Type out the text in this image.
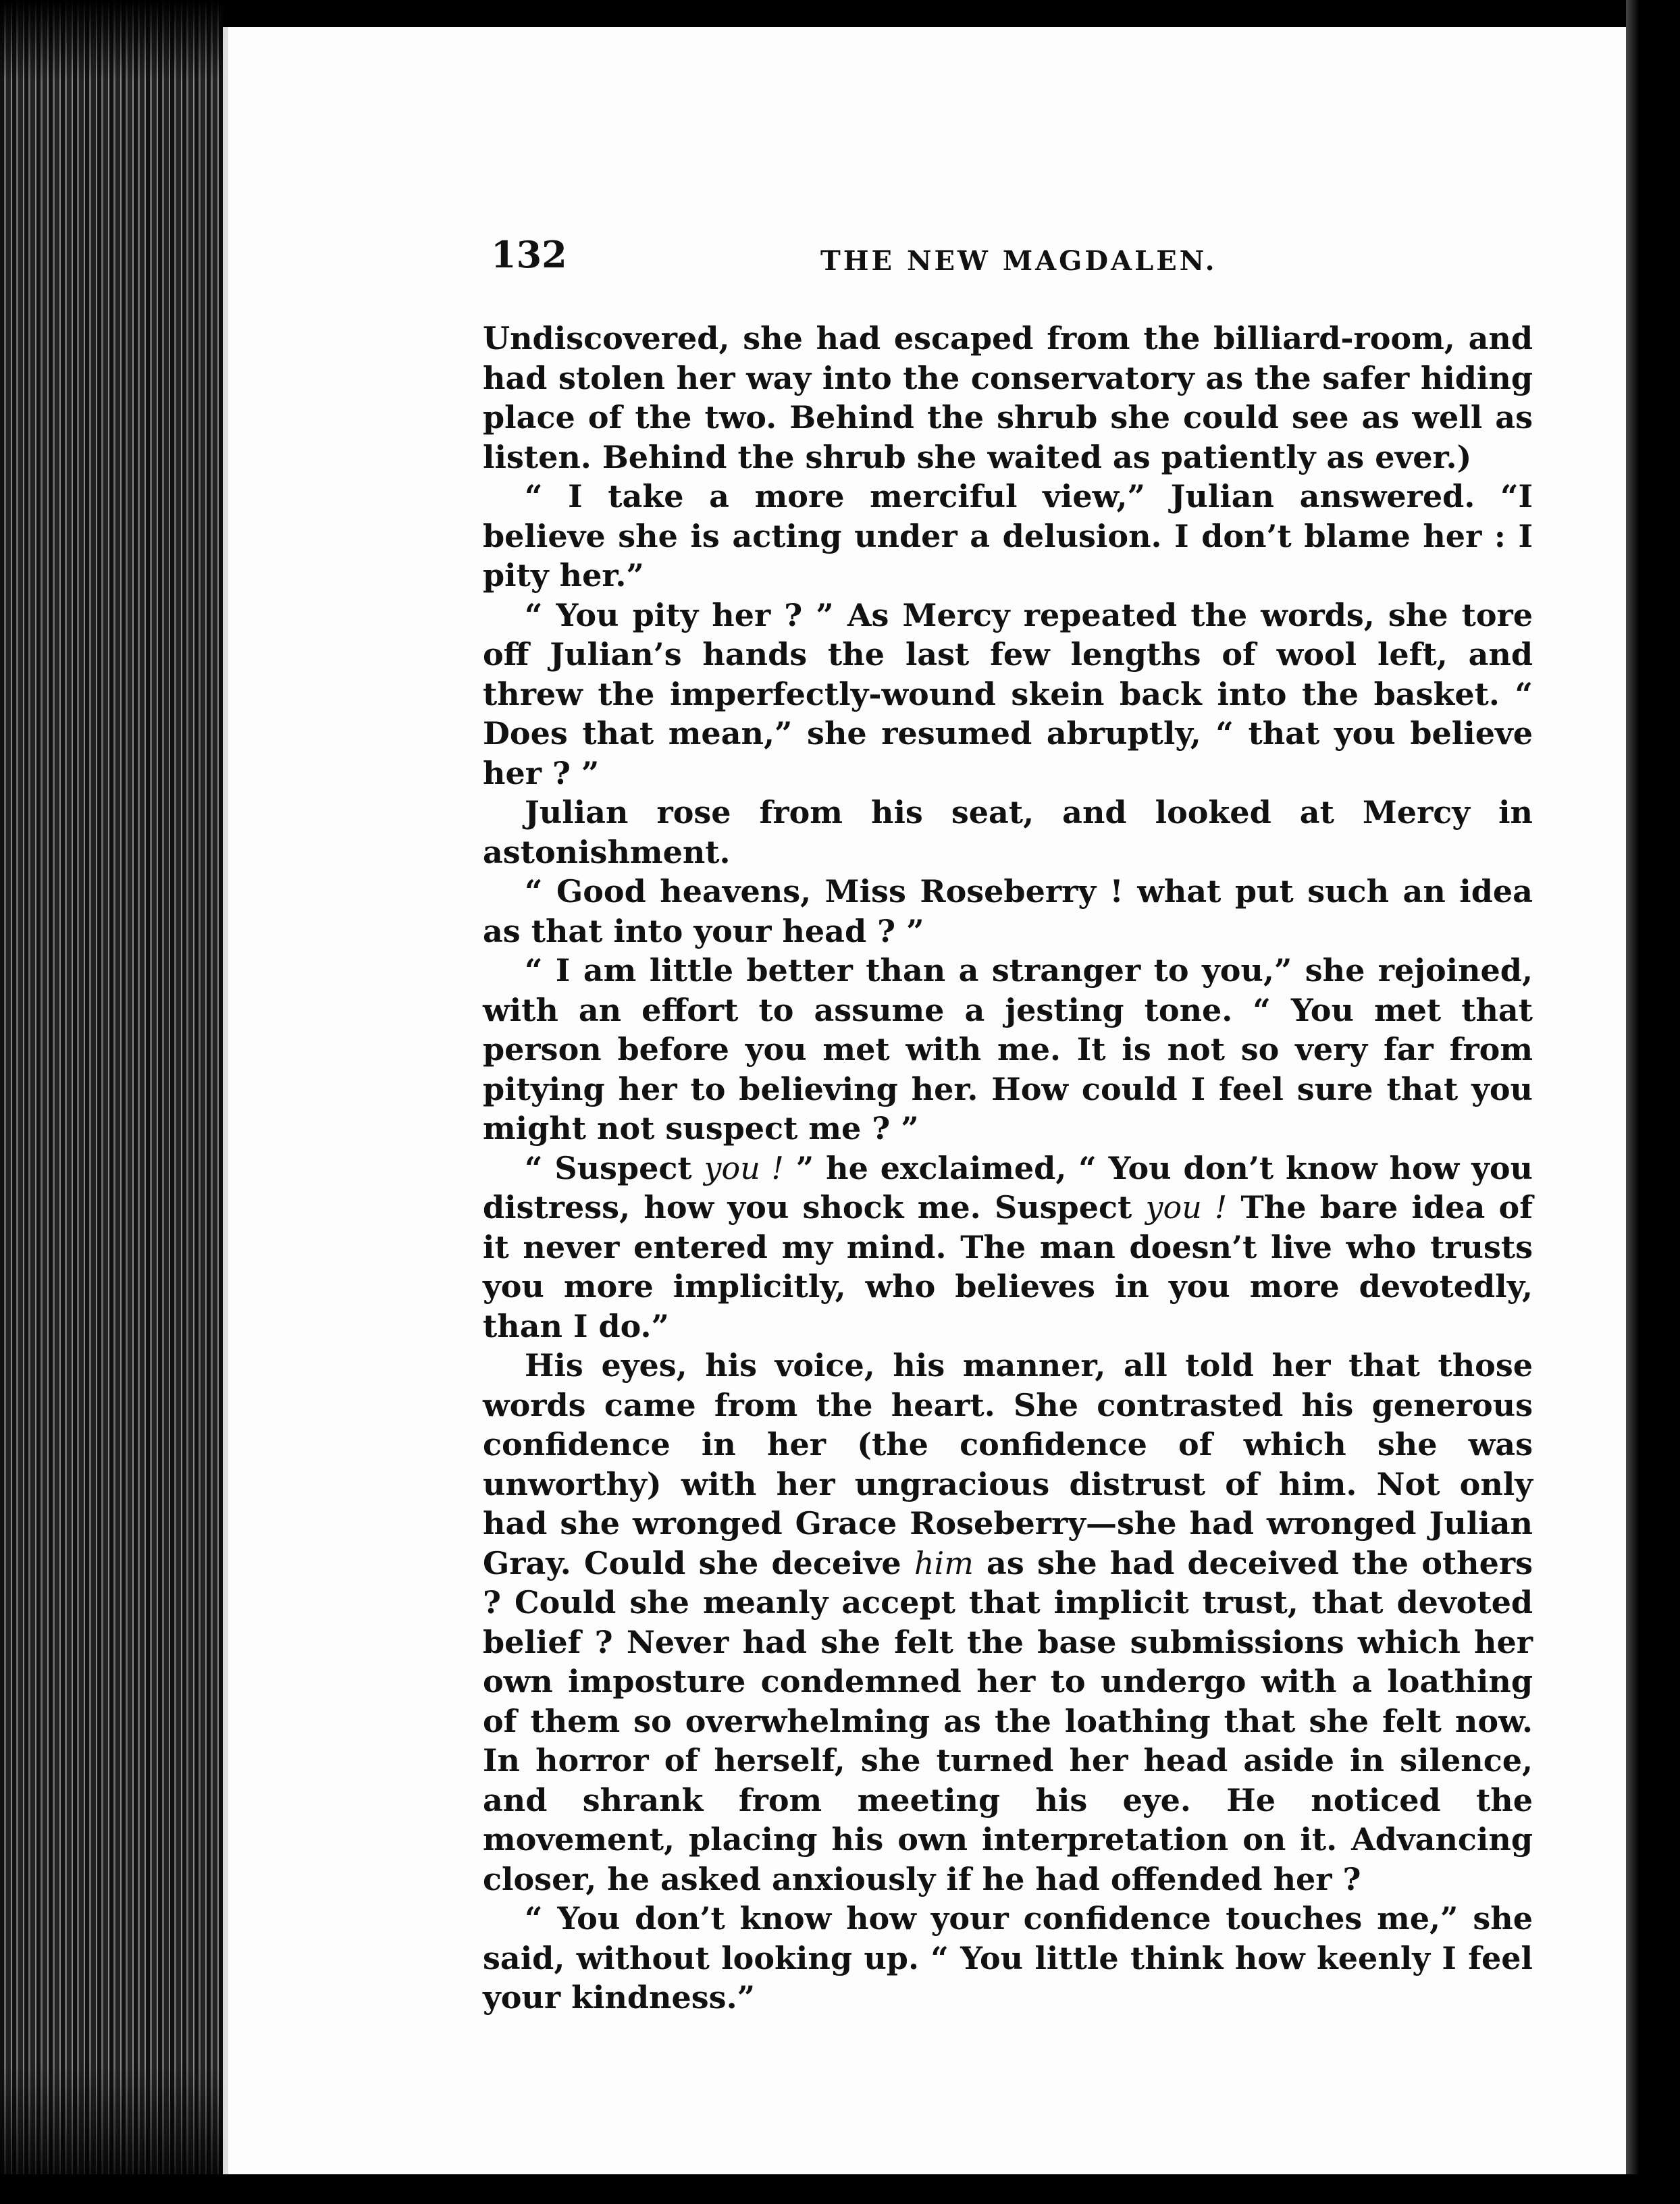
132	THE NEW MAGDALEN.

Undiscovered, she had escaped from the billiard-room, and had stolen her way into the conservatory as the safer hiding place of the two. Behind the shrub she could see as well as listen. Behind the shrub she waited as patiently as ever.)

“ I take a more merciful view,” Julian answered. “I believe she is acting under a delusion. I don’t blame her : I pity her.”

“ You pity her ? ” As Mercy repeated the words, she tore off Julian’s hands the last few lengths of wool left, and threw the imperfectly-wound skein back into the basket. “ Does that mean,” she resumed abruptly, “ that you believe her ? ”

Julian rose from his seat, and looked at Mercy in astonishment.

“ Good heavens, Miss Roseberry ! what put such an idea as that into your head ? ”

“ I am little better than a stranger to you,” she rejoined, with an effort to assume a jesting tone. “ You met that person before you met with me. It is not so very far from pitying her to believing her. How could I feel sure that you might not suspect me ? ”

“ Suspect you ! ” he exclaimed, “ You don’t know how you distress, how you shock me. Suspect you ! The bare idea of it never entered my mind. The man doesn’t live who trusts you more implicitly, who believes in you more devotedly, than I do.”

His eyes, his voice, his manner, all told her that those words came from the heart. She contrasted his generous confidence in her (the confidence of which she was unworthy) with her ungracious distrust of him. Not only had she wronged Grace Roseberry—she had wronged Julian Gray. Could she deceive him as she had deceived the others ? Could she meanly accept that implicit trust, that devoted belief ? Never had she felt the base submissions which her own imposture condemned her to undergo with a loathing of them so overwhelming as the loathing that she felt now. In horror of herself, she turned her head aside in silence, and shrank from meeting his eye. He noticed the movement, placing his own interpretation on it. Advancing closer, he asked anxiously if he had offended her ?

“ You don’t know how your confidence touches me,” she said, without looking up. “ You little think how keenly I feel your kindness.”
